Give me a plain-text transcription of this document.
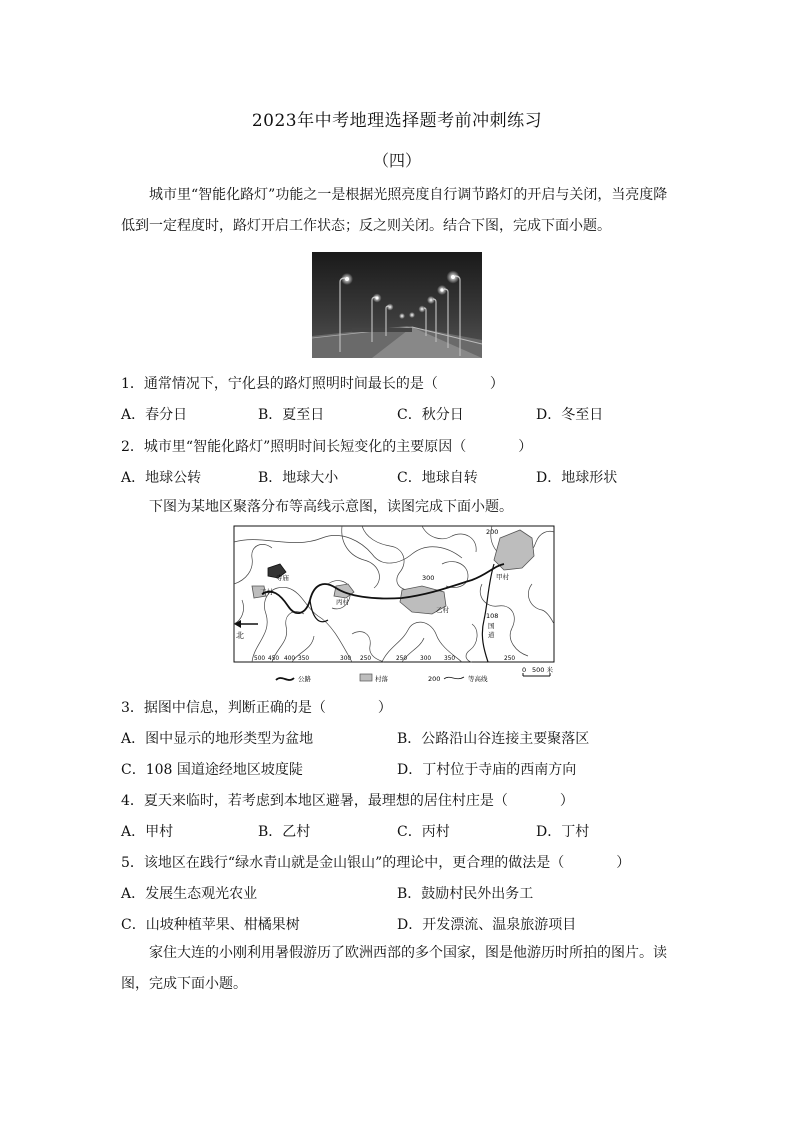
2023年中考地理选择题考前冲刺练习
（四）
城市里“智能化路灯”功能之一是根据光照亮度自行调节路灯的开启与关闭，当亮度降低到一定程度时，路灯开启工作状态；反之则关闭。结合下图，完成下面小题。
1．通常情况下，宁化县的路灯照明时间最长的是（	）
A．春分日	B．夏至日	C．秋分日	D．冬至日
2．城市里“智能化路灯”照明时间长短变化的主要原因（	）
A．地球公转	B．地球大小	C．地球自转	D．地球形状
下图为某地区聚落分布等高线示意图，读图完成下面小题。
北
寺庙
丁村
丙村
乙村
甲村
108
国
道
200
300
500 450 400 350	300 250	250 300 350	250
公路	村落	200	等高线
0 500 米
3．据图中信息，判断正确的是（	）
A．图中显示的地形类型为盆地	B．公路沿山谷连接主要聚落区
C．108 国道途经地区坡度陡	D．丁村位于寺庙的西南方向
4．夏天来临时，若考虑到本地区避暑，最理想的居住村庄是（	）
A．甲村	B．乙村	C．丙村	D．丁村
5．该地区在践行“绿水青山就是金山银山”的理论中，更合理的做法是（	）
A．发展生态观光农业	B．鼓励村民外出务工
C．山坡种植苹果、柑橘果树	D．开发漂流、温泉旅游项目
家住大连的小刚利用暑假游历了欧洲西部的多个国家，图是他游历时所拍的图片。读图，完成下面小题。
